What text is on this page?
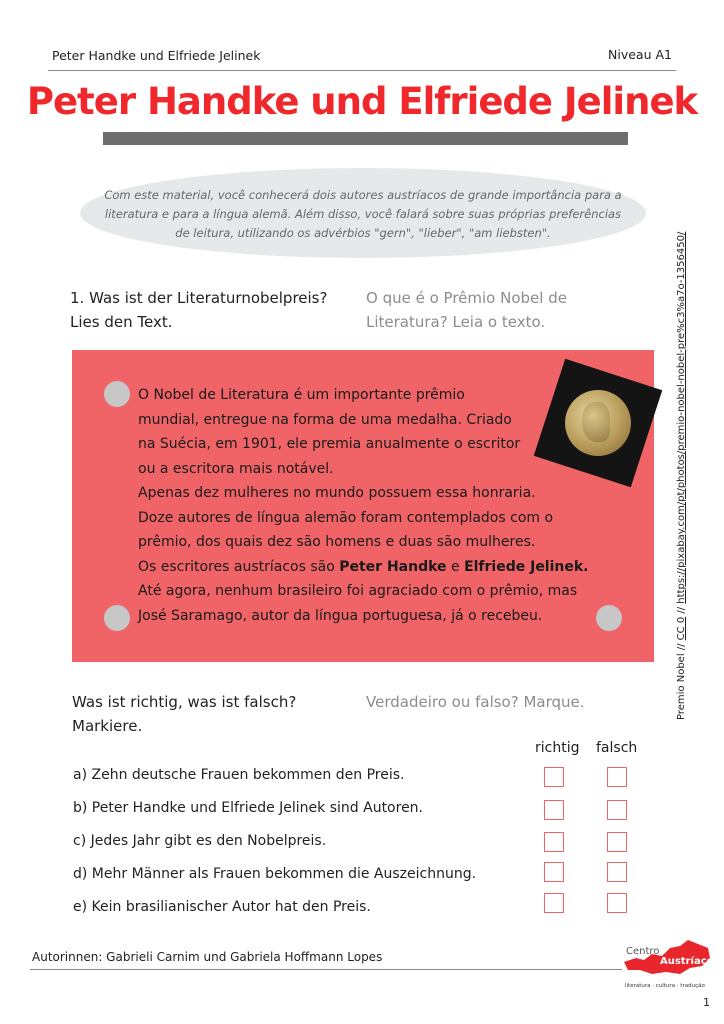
Peter Handke und Elfriede Jelinek	Niveau A1
Peter Handke und Elfriede Jelinek
Com este material, você conhecerá dois autores austríacos de grande importância para a literatura e para a língua alemã. Além disso, você falará sobre suas próprias preferências de leitura, utilizando os advérbios "gern", "lieber", "am liebsten".
1. Was ist der Literaturnobelpreis? Lies den Text.
O que é o Prêmio Nobel de Literatura? Leia o texto.
O Nobel de Literatura é um importante prêmio
mundial, entregue na forma de uma medalha. Criado
na Suécia, em 1901, ele premia anualmente o escritor
ou a escritora mais notável.
Apenas dez mulheres no mundo possuem essa honraria.
Doze autores de língua alemão foram contemplados com o
prêmio, dos quais dez são homens e duas são mulheres.
Os escritores austríacos são Peter Handke e Elfriede Jelinek.
Até agora, nenhum brasileiro foi agraciado com o prêmio, mas
José Saramago, autor da língua portuguesa, já o recebeu.
Premio Nobel // CC 0 // https://pixabay.com/pt/photos/premio-nobel-nobel-pre%c3%a7o-1356450/
Was ist richtig, was ist falsch? Markiere.
Verdadeiro ou falso? Marque.
richtig falsch
a) Zehn deutsche Frauen bekommen den Preis.
b) Peter Handke und Elfriede Jelinek sind Autoren.
c) Jedes Jahr gibt es den Nobelpreis.
d) Mehr Männer als Frauen bekommen die Auszeichnung.
e) Kein brasilianischer Autor hat den Preis.
Autorinnen: Gabrieli Carnim und Gabriela Hoffmann Lopes	Centro
Austríaco
literatura · cultura · tradução
1
